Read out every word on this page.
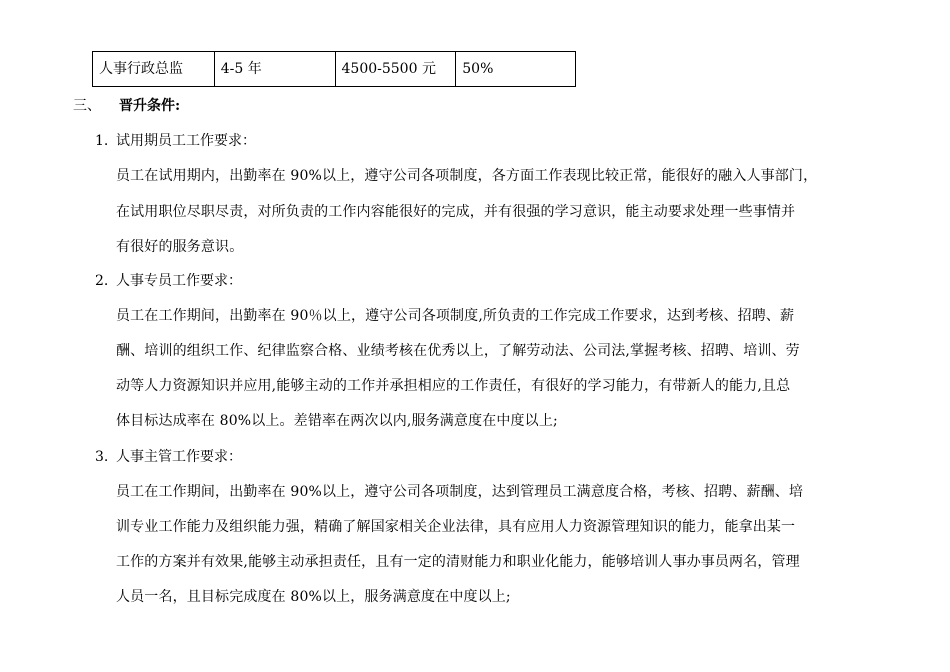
人事行政总监	4-5 年	4500-5500 元	50%
三、 晋升条件:
1. 试用期员工工作要求：
员工在试用期内，出勤率在 90%以上，遵守公司各项制度，各方面工作表现比较正常，能很好的融入人事部门，
在试用职位尽职尽责，对所负责的工作内容能很好的完成，并有很强的学习意识，能主动要求处理一些事情并
有很好的服务意识。
2. 人事专员工作要求：
员工在工作期间，出勤率在 90％以上，遵守公司各项制度,所负责的工作完成工作要求，达到考核、招聘、薪
酬、培训的组织工作、纪律监察合格、业绩考核在优秀以上，了解劳动法、公司法,掌握考核、招聘、培训、劳
动等人力资源知识并应用,能够主动的工作并承担相应的工作责任，有很好的学习能力，有带新人的能力,且总
体目标达成率在 80%以上。差错率在两次以内,服务满意度在中度以上;
3. 人事主管工作要求：
员工在工作期间，出勤率在 90%以上，遵守公司各项制度，达到管理员工满意度合格，考核、招聘、薪酬、培
训专业工作能力及组织能力强，精确了解国家相关企业法律，具有应用人力资源管理知识的能力，能拿出某一
工作的方案并有效果,能够主动承担责任，且有一定的清财能力和职业化能力，能够培训人事办事员两名，管理
人员一名，且目标完成度在 80%以上，服务满意度在中度以上;
